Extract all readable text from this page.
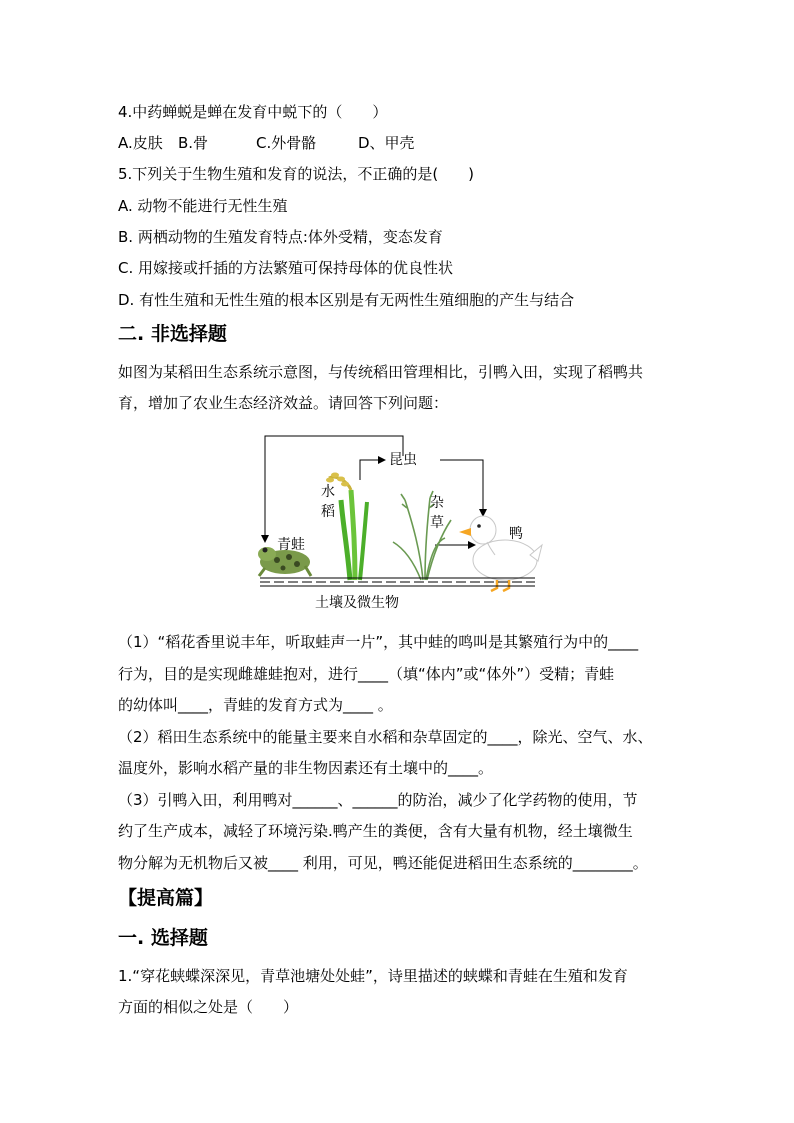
4.中药蝉蜕是蝉在发育中蜕下的（　　）
A.皮肤 B.骨	C.外骨骼	D、甲壳
5.下列关于生物生殖和发育的说法，不正确的是(　　)
A. 动物不能进行无性生殖
B. 两栖动物的生殖发育特点:体外受精，变态发育
C. 用嫁接或扦插的方法繁殖可保持母体的优良性状
D. 有性生殖和无性生殖的根本区别是有无两性生殖细胞的产生与结合
二. 非选择题
如图为某稻田生态系统示意图，与传统稻田管理相比，引鸭入田，实现了稻鸭共
育，增加了农业生态经济效益。请回答下列问题：
昆虫
水
稻
杂
草
青蛙
鸭
土壤及微生物
（1）“稻花香里说丰年，听取蛙声一片”，其中蛙的鸣叫是其繁殖行为中的____
行为，目的是实现雌雄蛙抱对，进行____（填“体内”或“体外”）受精；青蛙
的幼体叫____，青蛙的发育方式为____ 。
（2）稻田生态系统中的能量主要来自水稻和杂草固定的____，除光、空气、水、
温度外，影响水稻产量的非生物因素还有土壤中的____。
（3）引鸭入田，利用鸭对______、______的防治，减少了化学药物的使用，节
约了生产成本，减轻了环境污染.鸭产生的粪便，含有大量有机物，经土壤微生
物分解为无机物后又被____ 利用，可见，鸭还能促进稻田生态系统的________。
【提高篇】
一. 选择题
1.“穿花蛱蝶深深见，青草池塘处处蛙”，诗里描述的蛱蝶和青蛙在生殖和发育
方面的相似之处是（　　）
